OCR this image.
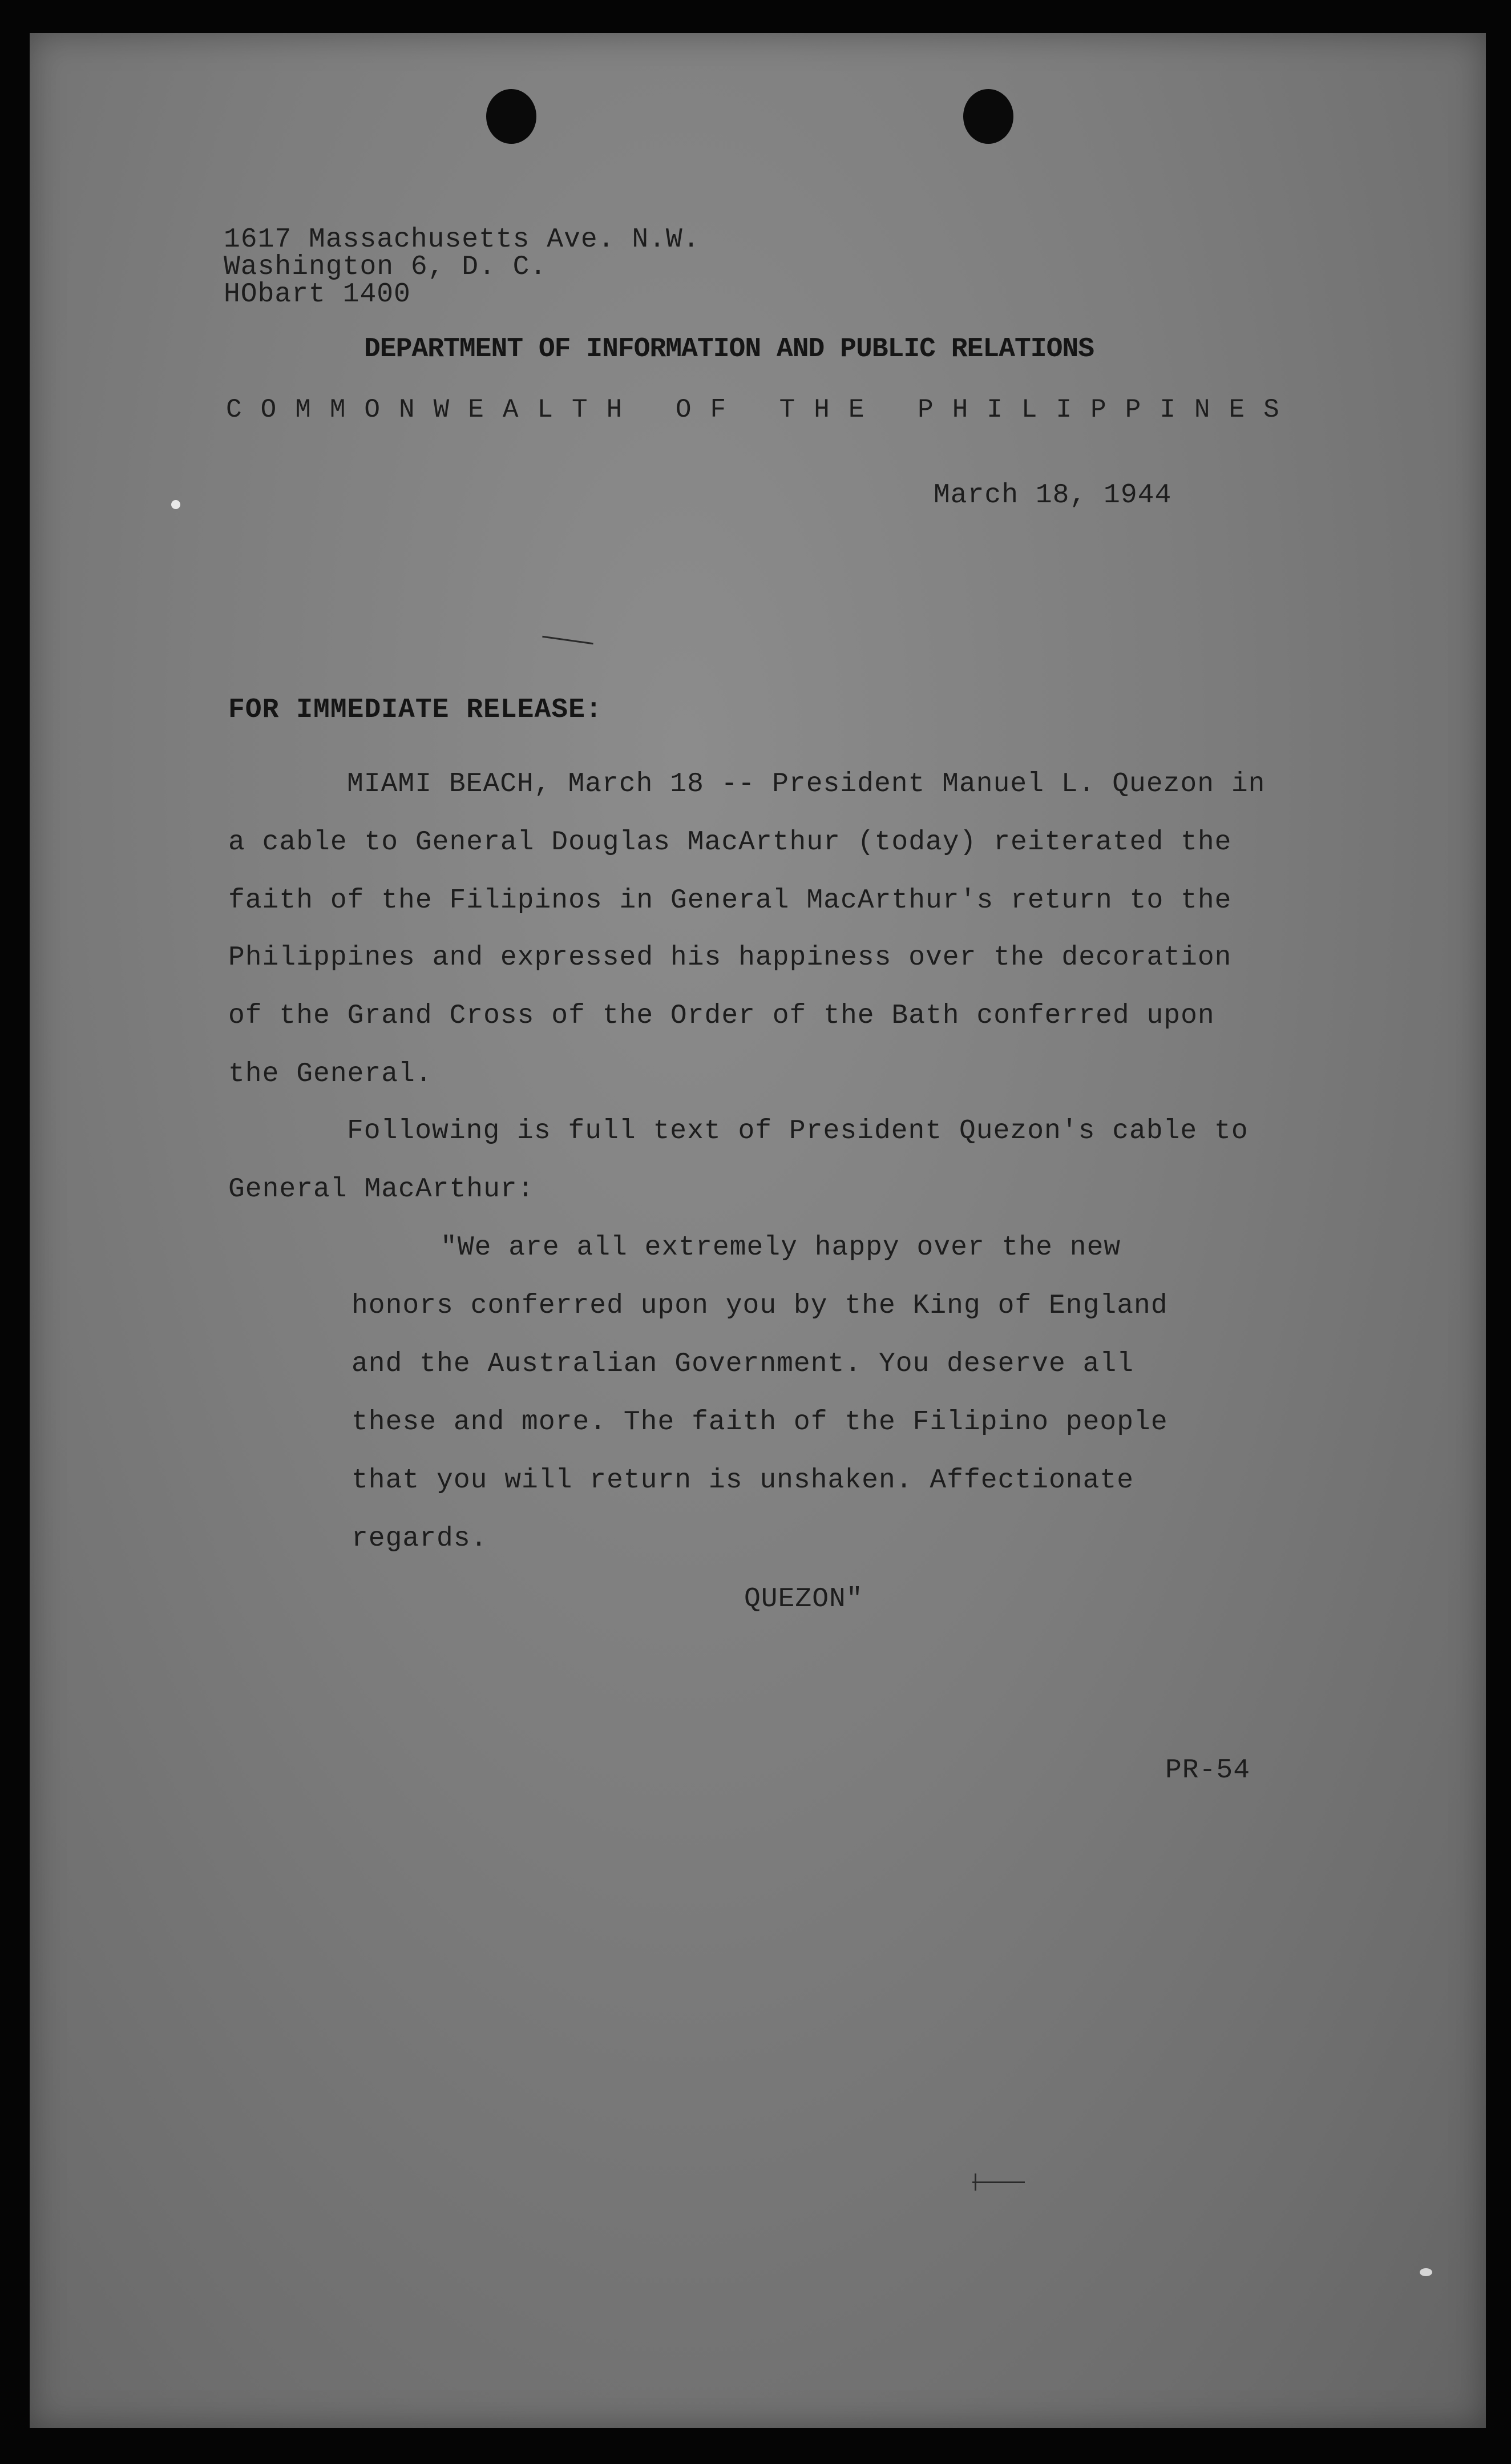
1617 Massachusetts Ave. N.W.

Washington 6, D. C.

HObart 1400

DEPARTMENT OF INFORMATION AND PUBLIC RELATIONS

COMMONWEALTH OF THE PHILIPPINES

March 18, 1944

FOR IMMEDIATE RELEASE:

MIAMI BEACH, March 18 -- President Manuel L. Quezon in

a cable to General Douglas MacArthur (today) reiterated the

faith of the Filipinos in General MacArthur's return to the

Philippines and expressed his happiness over the decoration

of the Grand Cross of the Order of the Bath conferred upon

the General.

Following is full text of President Quezon's cable to

General MacArthur:

"We are all extremely happy over the new

honors conferred upon you by the King of England

and the Australian Government. You deserve all

these and more. The faith of the Filipino people

that you will return is unshaken. Affectionate

regards.

QUEZON"

PR-54
